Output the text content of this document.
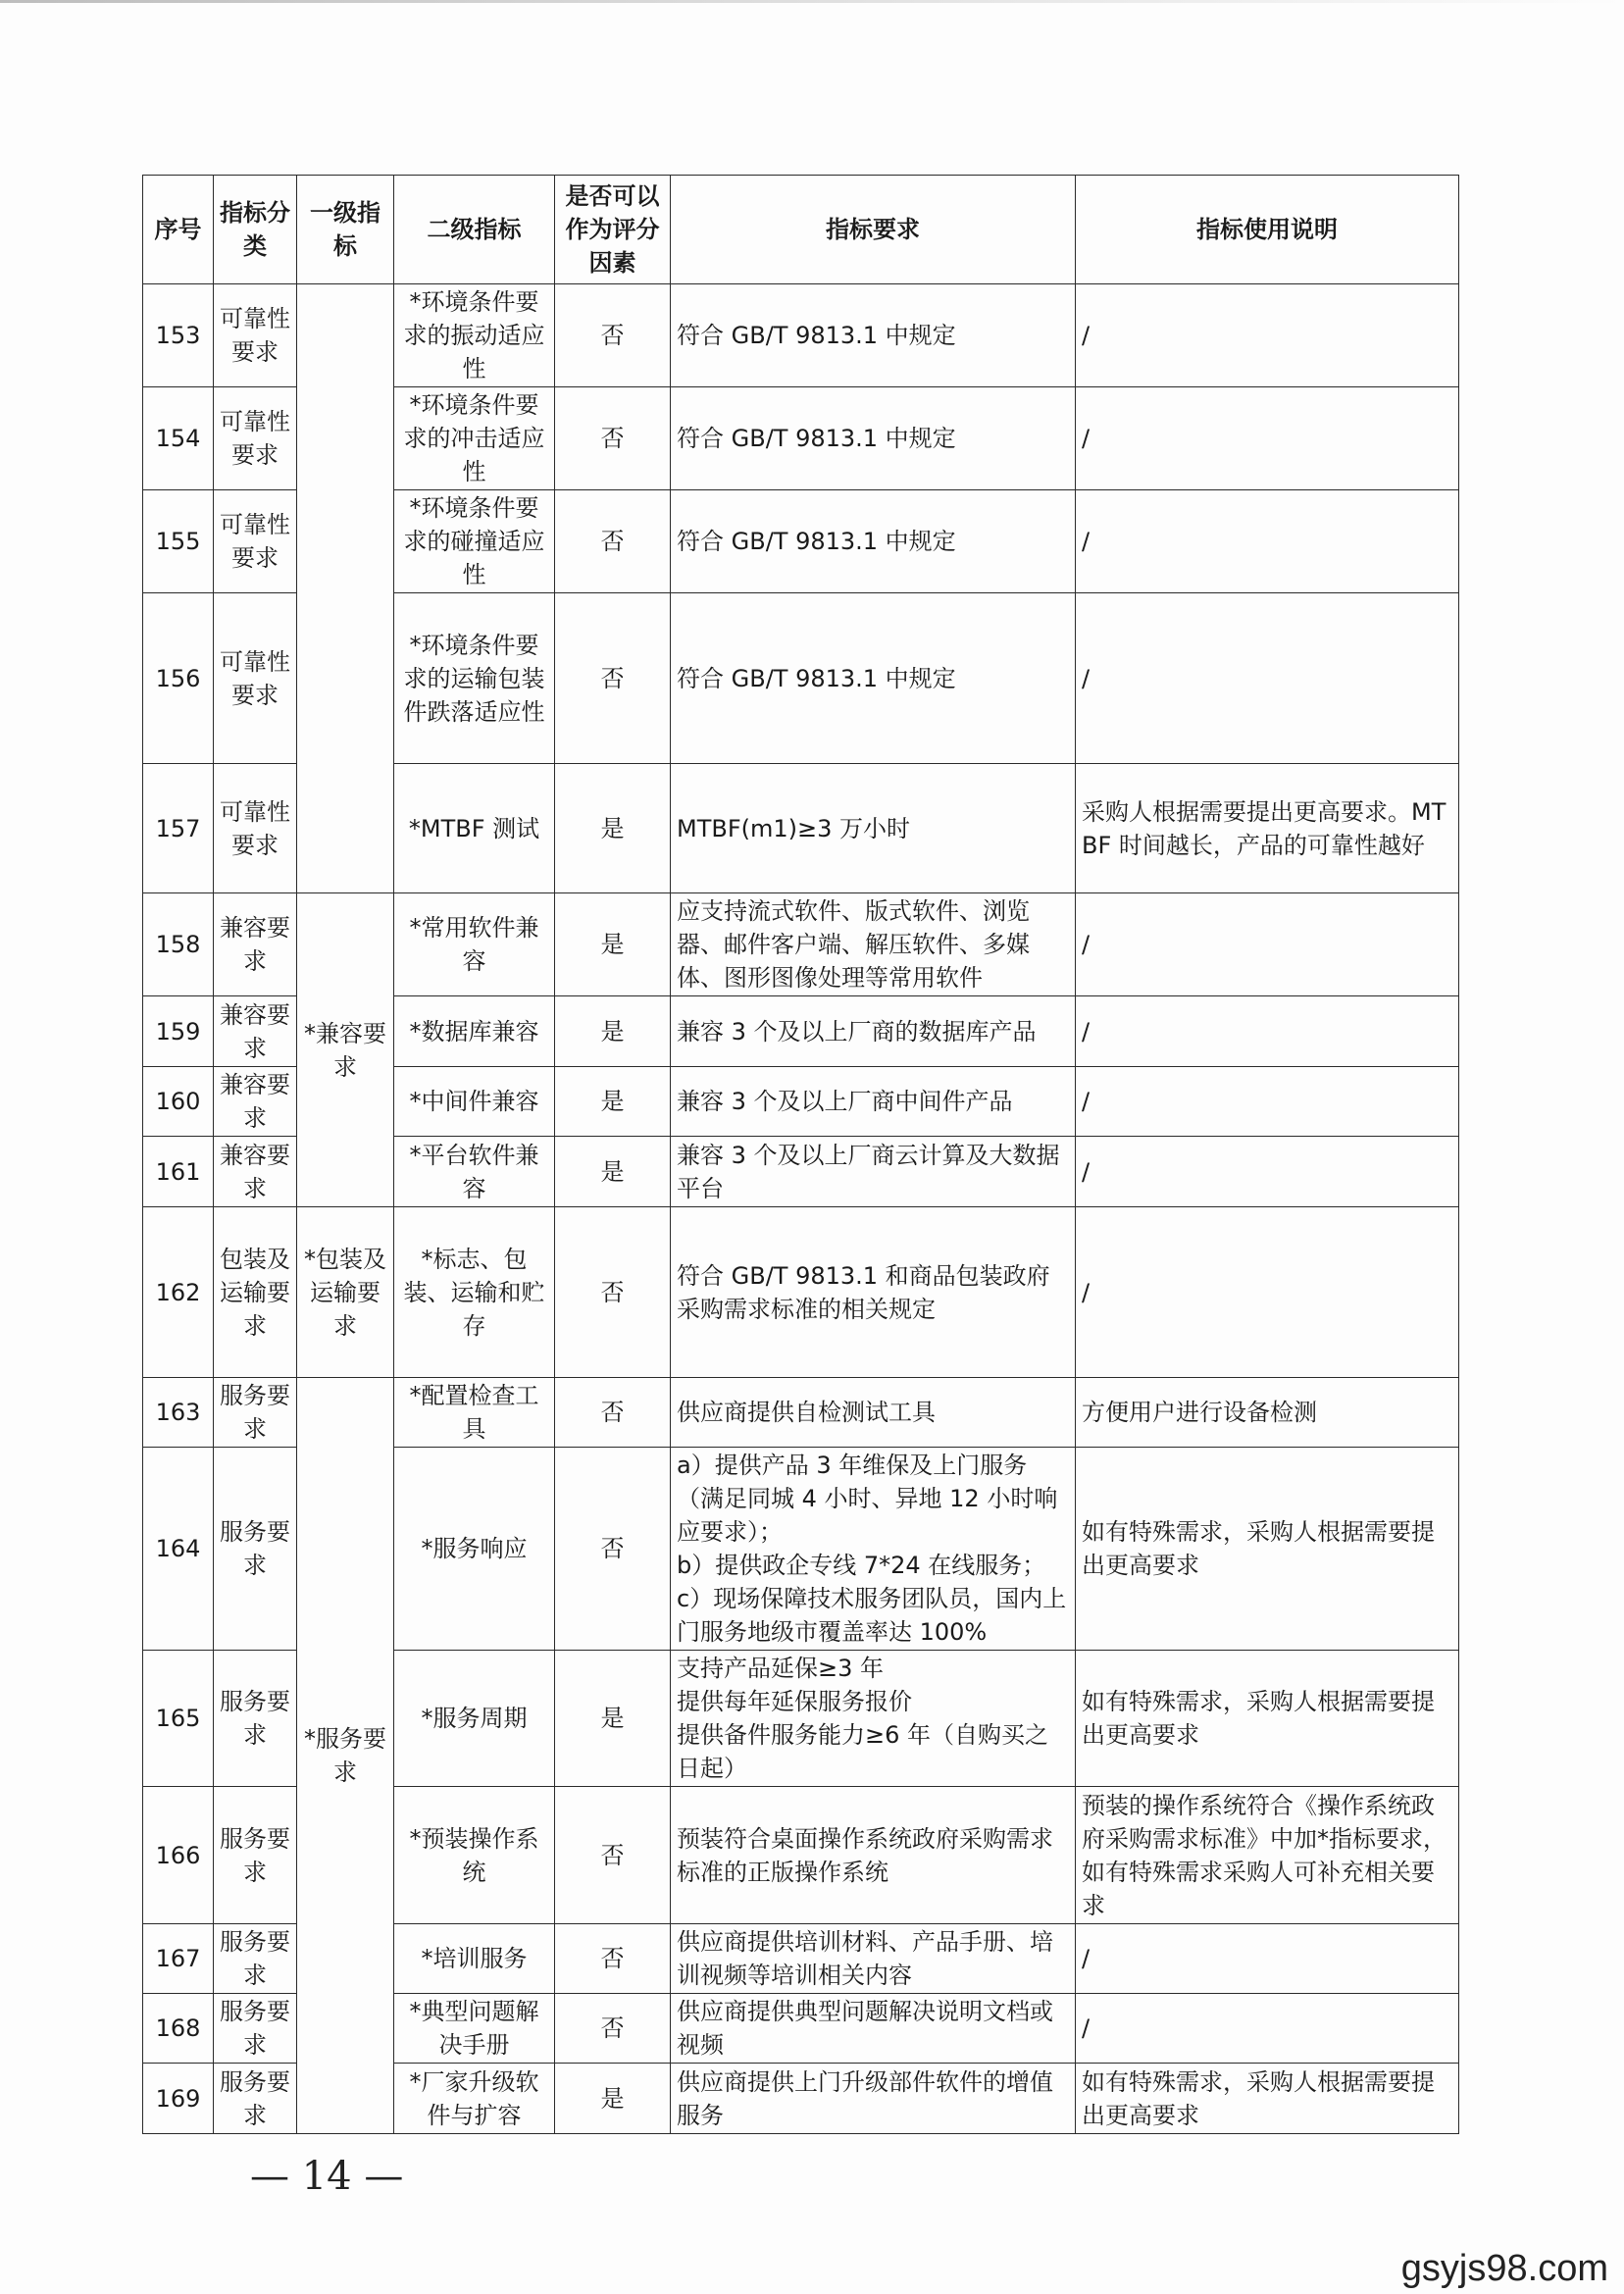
序号	指标分类	一级指标	二级指标	是否可以作为评分因素	指标要求	指标使用说明
153	可靠性要求		*环境条件要求的振动适应性	否	符合 GB/T 9813.1 中规定	/
154	可靠性要求		*环境条件要求的冲击适应性	否	符合 GB/T 9813.1 中规定	/
155	可靠性要求		*环境条件要求的碰撞适应性	否	符合 GB/T 9813.1 中规定	/
156	可靠性要求		*环境条件要求的运输包装件跌落适应性	否	符合 GB/T 9813.1 中规定	/
157	可靠性要求		*MTBF 测试	是	MTBF(m1)≥3 万小时	采购人根据需要提出更高要求。MTBF 时间越长，产品的可靠性越好
158	兼容要求	*兼容要求	*常用软件兼容	是	应支持流式软件、版式软件、浏览器、邮件客户端、解压软件、多媒体、图形图像处理等常用软件	/
159	兼容要求		*数据库兼容	是	兼容 3 个及以上厂商的数据库产品	/
160	兼容要求		*中间件兼容	是	兼容 3 个及以上厂商中间件产品	/
161	兼容要求		*平台软件兼容	是	兼容 3 个及以上厂商云计算及大数据平台	/
162	包装及运输要求	*包装及运输要求	*标志、包装、运输和贮存	否	符合 GB/T 9813.1 和商品包装政府采购需求标准的相关规定	/
163	服务要求	*服务要求	*配置检查工具	否	供应商提供自检测试工具	方便用户进行设备检测
164	服务要求		*服务响应	否	a）提供产品 3 年维保及上门服务（满足同城 4 小时、异地 12 小时响应要求）；
b）提供政企专线 7*24 在线服务；
c）现场保障技术服务团队员，国内上门服务地级市覆盖率达 100%	如有特殊需求，采购人根据需要提出更高要求
165	服务要求		*服务周期	是	支持产品延保≥3 年
提供每年延保服务报价
提供备件服务能力≥6 年（自购买之日起）	如有特殊需求，采购人根据需要提出更高要求
166	服务要求		*预装操作系统	否	预装符合桌面操作系统政府采购需求标准的正版操作系统	预装的操作系统符合《操作系统政府采购需求标准》中加*指标要求，如有特殊需求采购人可补充相关要求
167	服务要求		*培训服务	否	供应商提供培训材料、产品手册、培训视频等培训相关内容	/
168	服务要求		*典型问题解决手册	否	供应商提供典型问题解决说明文档或视频	/
169	服务要求		*厂家升级软件与扩容	是	供应商提供上门升级部件软件的增值服务	如有特殊需求，采购人根据需要提出更高要求
— 14 —
gsyjs98.com
